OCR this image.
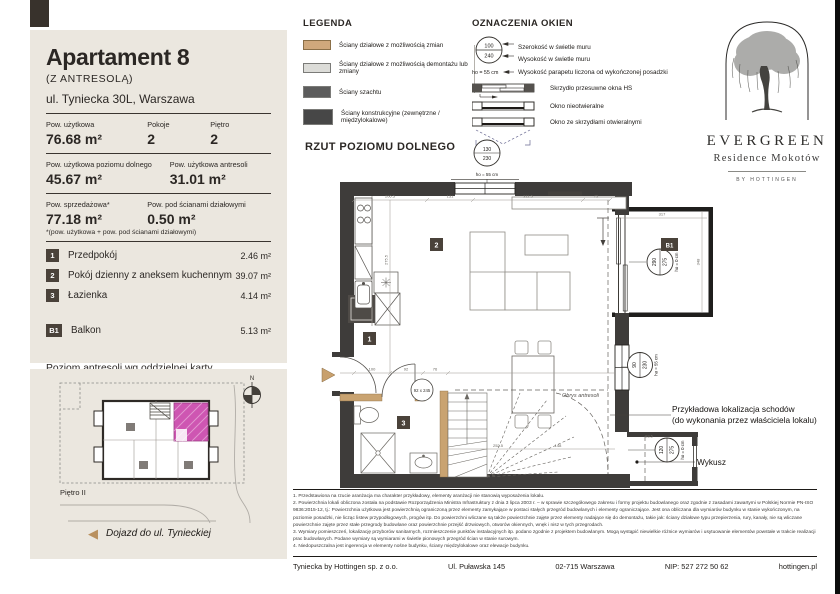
Apartament 8
(Z ANTRESOLĄ)
ul. Tyniecka 30L, Warszawa
Pow. użytkowa
76.68 m²
Pokoje
2
Piętro
2
Pow. użytkowa poziomu dolnego
45.67 m²
Pow. użytkowa antresoli
31.01 m²
Pow. sprzedażowa*
77.18 m²
Pow. pod ścianami działowymi
0.50 m²
*(pow. użytkowa + pow. pod ścianami działowymi)
1	Przedpokój	2.46 m²
2	Pokój dzienny z aneksem kuchennym 39.07 m²
3	Łazienka	4.14 m²
B1	Balkon	5.13 m²
N
Piętro II
◀ Dojazd do ul. Tynieckiej
LEGENDA
Ściany działowe z możliwością zmian
Ściany działowe z możliwością demontażu lub zmiany
Ściany szachtu
Ściany konstrukcyjne (zewnętrzne / międzylokalowe)
OZNACZENIA OKIEN
100
240
ho = 55 cm
Szerokość w świetle muru
Wysokość w świetle muru
Wysokość parapetu liczona od wykończonej posadzki
Skrzydło przesuwne okna HS
Okno nieotwieralne
Okno ze skrzydłami otwieralnymi
RZUT POZIOMU DOLNEGO
92 x 245
Obrys antresoli
206.5	131	311.5	75
275.5
100	92	76
252.5	148
317
348
93.5
130
230
ho = 55 cm
290 275 ho = 0 cm
90 230 ho = 55 cm
120 275 ho = 0 cm
2
1
3
B1
Przykładowa lokalizacja schodów
(do wykonania przez właściciela lokalu)
Wykusz
EVERGREEN
Residence Mokotów
BY HOTTINGEN

1. Przedstawiona na rzucie aranżacja ma charakter przykładowy, elementy aranżacji nie stanowią wyposażenia lokalu.

2. Powierzchnia lokali obliczona została na podstawie Rozporządzenia Ministra Infrastruktury z dnia 3 lipca 2003 r. – w sprawie szczegółowego zakresu i formy projektu budowlanego oraz zgodnie z zasadami zawartymi w Polskiej Normie PN-ISO 9836:2015-12, tj.: Powierzchnia użytkowa jest powierzchnią ograniczoną przez elementy zamykające w postaci stałych przegród budowlanych i elementy ograniczające. Jest ona obliczana dla wymiarów budynku w stanie wykończonym, na poziomie posadzki, nie licząc listew przypodłogowych, progów itp. Do powierzchni wliczane są także powierzchnie zajęte przez elementy nadające się do demontażu, takie jak: ściany działowe typu przepierzenia, rury, kanały, nie są wliczane powierzchnie zajęte przez stałe przegrody budowlane oraz powierzchnie przejść drzwiowych, otworów okiennych, wnęk i nisz w tych przegrodach.

3. Wymiary pomieszczeń, lokalizację przyborów sanitarnych, rozmieszczenie punktów instalacyjnych itp. podano zgodnie z projektem budowlanym. Mogą wystąpić niewielkie różnice wymiarów i usytuowanie elementów powstałe w trakcie realizacji prac budowlanych. Podane wymiary są wymiarami w świetle pionowych przegród ścian w stanie surowym.

4. Niedopuszczalna jest ingerencja w elementy nośne budynku, ściany międzylokalowe oraz elewacje budynku.

Tyniecka by Hottingen sp. z o.o.	Ul. Puławska 145	02-715 Warszawa	NIP: 527 272 50 62	hottingen.pl
